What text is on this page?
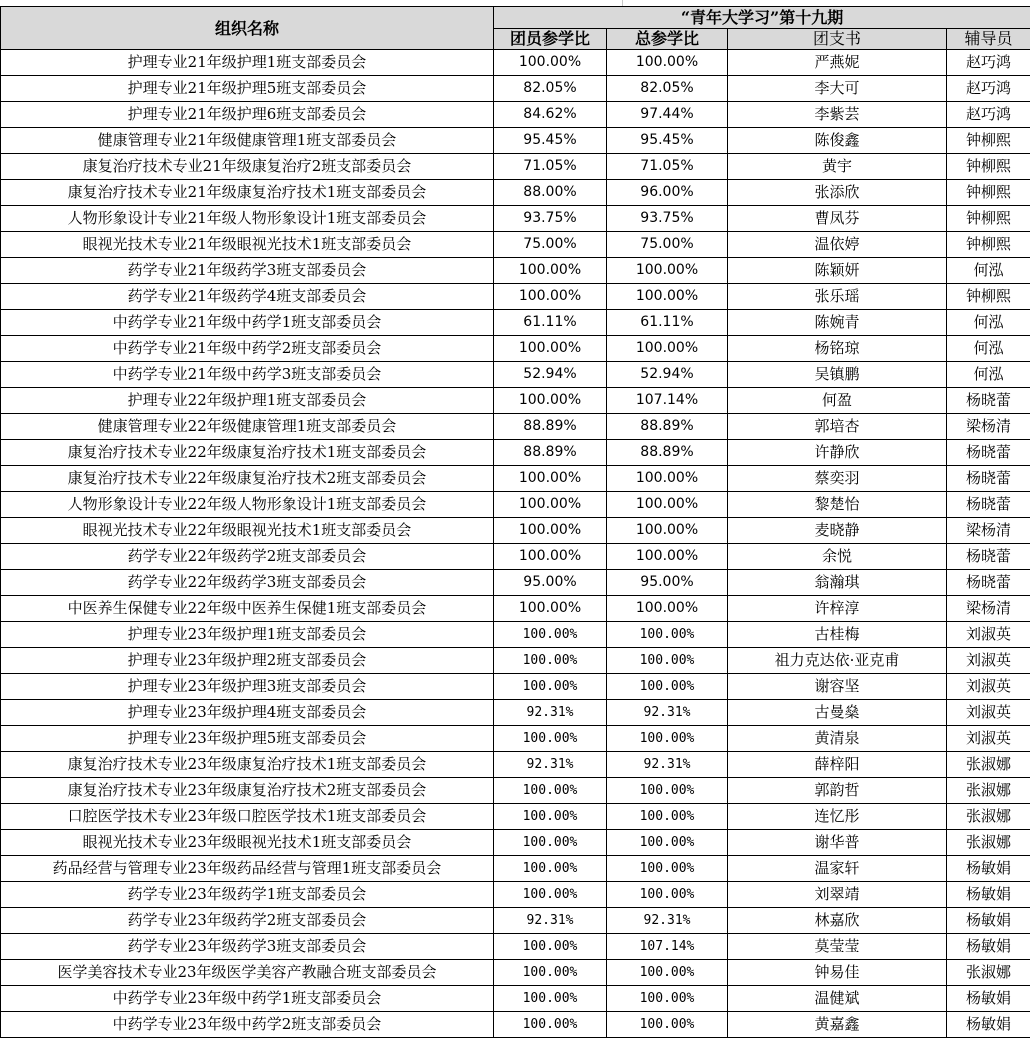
组织名称	“青年大学习”第十九期			
	团员参学比	总参学比	团支书	辅导员
护理专业21年级护理1班支部委员会	100.00%	100.00%	严燕妮	赵巧鸿
护理专业21年级护理5班支部委员会	82.05%	82.05%	李大可	赵巧鸿
护理专业21年级护理6班支部委员会	84.62%	97.44%	李紫芸	赵巧鸿
健康管理专业21年级健康管理1班支部委员会	95.45%	95.45%	陈俊鑫	钟柳熙
康复治疗技术专业21年级康复治疗2班支部委员会	71.05%	71.05%	黄宇	钟柳熙
康复治疗技术专业21年级康复治疗技术1班支部委员会	88.00%	96.00%	张添欣	钟柳熙
人物形象设计专业21年级人物形象设计1班支部委员会	93.75%	93.75%	曹凤芬	钟柳熙
眼视光技术专业21年级眼视光技术1班支部委员会	75.00%	75.00%	温依婷	钟柳熙
药学专业21年级药学3班支部委员会	100.00%	100.00%	陈颖妍	何泓
药学专业21年级药学4班支部委员会	100.00%	100.00%	张乐瑶	钟柳熙
中药学专业21年级中药学1班支部委员会	61.11%	61.11%	陈婉青	何泓
中药学专业21年级中药学2班支部委员会	100.00%	100.00%	杨铭琼	何泓
中药学专业21年级中药学3班支部委员会	52.94%	52.94%	吴镇鹏	何泓
护理专业22年级护理1班支部委员会	100.00%	107.14%	何盈	杨晓蕾
健康管理专业22年级健康管理1班支部委员会	88.89%	88.89%	郭培杏	梁杨清
康复治疗技术专业22年级康复治疗技术1班支部委员会	88.89%	88.89%	许静欣	杨晓蕾
康复治疗技术专业22年级康复治疗技术2班支部委员会	100.00%	100.00%	蔡奕羽	杨晓蕾
人物形象设计专业22年级人物形象设计1班支部委员会	100.00%	100.00%	黎楚怡	杨晓蕾
眼视光技术专业22年级眼视光技术1班支部委员会	100.00%	100.00%	麦晓静	梁杨清
药学专业22年级药学2班支部委员会	100.00%	100.00%	余悦	杨晓蕾
药学专业22年级药学3班支部委员会	95.00%	95.00%	翁瀚琪	杨晓蕾
中医养生保健专业22年级中医养生保健1班支部委员会	100.00%	100.00%	许梓淳	梁杨清
护理专业23年级护理1班支部委员会	100.00%	100.00%	古桂梅	刘淑英
护理专业23年级护理2班支部委员会	100.00%	100.00%	祖力克达依·亚克甫	刘淑英
护理专业23年级护理3班支部委员会	100.00%	100.00%	谢容坚	刘淑英
护理专业23年级护理4班支部委员会	92.31%	92.31%	古曼燊	刘淑英
护理专业23年级护理5班支部委员会	100.00%	100.00%	黄清泉	刘淑英
康复治疗技术专业23年级康复治疗技术1班支部委员会	92.31%	92.31%	薛梓阳	张淑娜
康复治疗技术专业23年级康复治疗技术2班支部委员会	100.00%	100.00%	郭韵哲	张淑娜
口腔医学技术专业23年级口腔医学技术1班支部委员会	100.00%	100.00%	连忆彤	张淑娜
眼视光技术专业23年级眼视光技术1班支部委员会	100.00%	100.00%	谢华普	张淑娜
药品经营与管理专业23年级药品经营与管理1班支部委员会	100.00%	100.00%	温家轩	杨敏娟
药学专业23年级药学1班支部委员会	100.00%	100.00%	刘翠靖	杨敏娟
药学专业23年级药学2班支部委员会	92.31%	92.31%	林嘉欣	杨敏娟
药学专业23年级药学3班支部委员会	100.00%	107.14%	莫莹莹	杨敏娟
医学美容技术专业23年级医学美容产教融合班支部委员会	100.00%	100.00%	钟易佳	张淑娜
中药学专业23年级中药学1班支部委员会	100.00%	100.00%	温健斌	杨敏娟
中药学专业23年级中药学2班支部委员会	100.00%	100.00%	黄嘉鑫	杨敏娟
